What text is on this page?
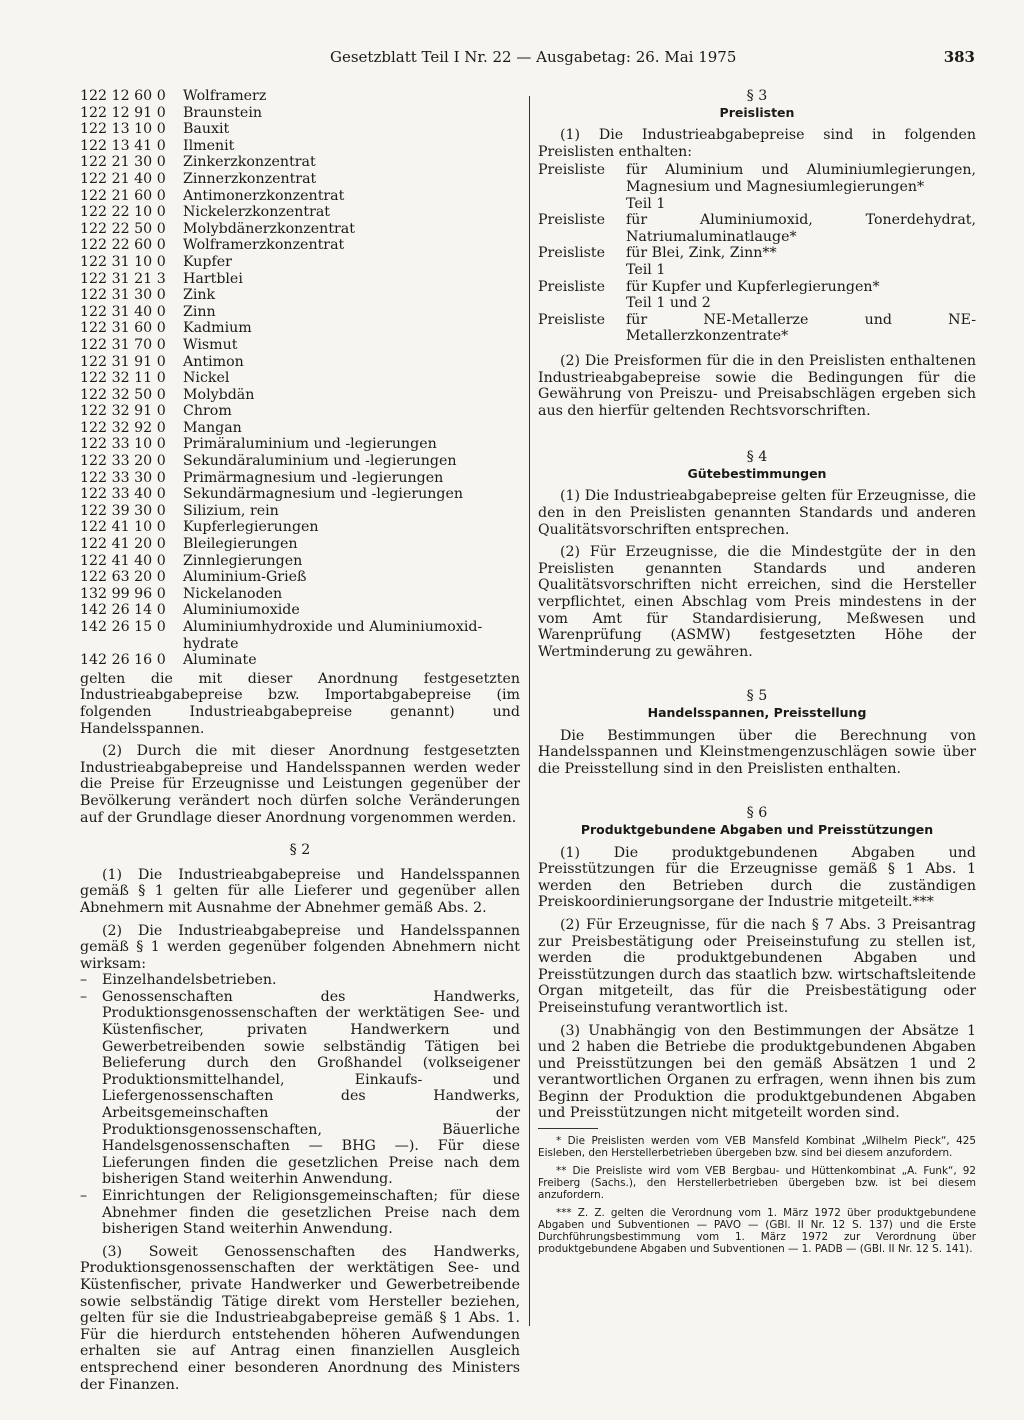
Gesetzblatt Teil I Nr. 22 — Ausgabetag: 26. Mai 1975	383
122 12 60 0	Wolframerz
122 12 91 0	Braunstein
122 13 10 0	Bauxit
122 13 41 0	Ilmenit
122 21 30 0	Zinkerzkonzentrat
122 21 40 0	Zinnerzkonzentrat
122 21 60 0	Antimonerzkonzentrat
122 22 10 0	Nickelerzkonzentrat
122 22 50 0	Molybdänerzkonzentrat
122 22 60 0	Wolframerzkonzentrat
122 31 10 0	Kupfer
122 31 21 3	Hartblei
122 31 30 0	Zink
122 31 40 0	Zinn
122 31 60 0	Kadmium
122 31 70 0	Wismut
122 31 91 0	Antimon
122 32 11 0	Nickel
122 32 50 0	Molybdän
122 32 91 0	Chrom
122 32 92 0	Mangan
122 33 10 0	Primäraluminium und -legierungen
122 33 20 0	Sekundäraluminium und -legierungen
122 33 30 0	Primärmagnesium und -legierungen
122 33 40 0	Sekundärmagnesium und -legierungen
122 39 30 0	Silizium, rein
122 41 10 0	Kupferlegierungen
122 41 20 0	Bleilegierungen
122 41 40 0	Zinnlegierungen
122 63 20 0	Aluminium-Grieß
132 99 96 0	Nickelanoden
142 26 14 0	Aluminiumoxide
142 26 15 0	Aluminiumhydroxide und Aluminiumoxid-hydrate
142 26 16 0	Aluminate

gelten die mit dieser Anordnung festgesetzten Industrieabgabepreise bzw. Importabgabepreise (im folgenden Industrieabgabepreise genannt) und Handelsspannen.

(2) Durch die mit dieser Anordnung festgesetzten Industrieabgabepreise und Handelsspannen werden weder die Preise für Erzeugnisse und Leistungen gegenüber der Bevölkerung verändert noch dürfen solche Veränderungen auf der Grundlage dieser Anordnung vorgenommen werden.

§ 2

(1) Die Industrieabgabepreise und Handelsspannen gemäß § 1 gelten für alle Lieferer und gegenüber allen Abnehmern mit Ausnahme der Abnehmer gemäß Abs. 2.

(2) Die Industrieabgabepreise und Handelsspannen gemäß § 1 werden gegenüber folgenden Abnehmern nicht wirksam:

–	Einzelhandelsbetrieben.
–	Genossenschaften des Handwerks, Produktionsgenossenschaften der werktätigen See- und Küstenfischer, privaten Handwerkern und Gewerbetreibenden sowie selbständig Tätigen bei Belieferung durch den Großhandel (volkseigener Produktionsmittelhandel, Einkaufs- und Liefergenossenschaften des Handwerks, Arbeitsgemeinschaften der Produktionsgenossenschaften, Bäuerliche Handelsgenossenschaften — BHG —). Für diese Lieferungen finden die gesetzlichen Preise nach dem bisherigen Stand weiterhin Anwendung.
–	Einrichtungen der Religionsgemeinschaften; für diese Abnehmer finden die gesetzlichen Preise nach dem bisherigen Stand weiterhin Anwendung.

(3) Soweit Genossenschaften des Handwerks, Produktionsgenossenschaften der werktätigen See- und Küstenfischer, private Handwerker und Gewerbetreibende sowie selbständig Tätige direkt vom Hersteller beziehen, gelten für sie die Industrieabgabepreise gemäß § 1 Abs. 1. Für die hierdurch entstehenden höheren Aufwendungen erhalten sie auf Antrag einen finanziellen Ausgleich entsprechend einer besonderen Anordnung des Ministers der Finanzen.

§ 3

Preislisten

(1) Die Industrieabgabepreise sind in folgenden Preislisten enthalten:

Preisliste	für Aluminium und Aluminiumlegierungen, Magnesium und Magnesiumlegierungen*
Teil 1
Preisliste	für Aluminiumoxid, Tonerdehydrat, Natriumaluminatlauge*
Preisliste	für Blei, Zink, Zinn**
Teil 1
Preisliste	für Kupfer und Kupferlegierungen*
Teil 1 und 2
Preisliste	für NE-Metallerze und NE-Metallerzkonzentrate*

(2) Die Preisformen für die in den Preislisten enthaltenen Industrieabgabepreise sowie die Bedingungen für die Gewährung von Preiszu- und Preisabschlägen ergeben sich aus den hierfür geltenden Rechtsvorschriften.

§ 4

Gütebestimmungen

(1) Die Industrieabgabepreise gelten für Erzeugnisse, die den in den Preislisten genannten Standards und anderen Qualitätsvorschriften entsprechen.

(2) Für Erzeugnisse, die die Mindestgüte der in den Preislisten genannten Standards und anderen Qualitätsvorschriften nicht erreichen, sind die Hersteller verpflichtet, einen Abschlag vom Preis mindestens in der vom Amt für Standardisierung, Meßwesen und Warenprüfung (ASMW) festgesetzten Höhe der Wertminderung zu gewähren.

§ 5

Handelsspannen, Preisstellung

Die Bestimmungen über die Berechnung von Handelsspannen und Kleinstmengenzuschlägen sowie über die Preisstellung sind in den Preislisten enthalten.

§ 6

Produktgebundene Abgaben und Preisstützungen

(1) Die produktgebundenen Abgaben und Preisstützungen für die Erzeugnisse gemäß § 1 Abs. 1 werden den Betrieben durch die zuständigen Preiskoordinierungsorgane der Industrie mitgeteilt.***

(2) Für Erzeugnisse, für die nach § 7 Abs. 3 Preisantrag zur Preisbestätigung oder Preiseinstufung zu stellen ist, werden die produktgebundenen Abgaben und Preisstützungen durch das staatlich bzw. wirtschaftsleitende Organ mitgeteilt, das für die Preisbestätigung oder Preiseinstufung verantwortlich ist.

(3) Unabhängig von den Bestimmungen der Absätze 1 und 2 haben die Betriebe die produktgebundenen Abgaben und Preisstützungen bei den gemäß Absätzen 1 und 2 verantwortlichen Organen zu erfragen, wenn ihnen bis zum Beginn der Produktion die produktgebundenen Abgaben und Preisstützungen nicht mitgeteilt worden sind.

* Die Preislisten werden vom VEB Mansfeld Kombinat „Wilhelm Pieck“, 425 Eisleben, den Herstellerbetrieben übergeben bzw. sind bei diesem anzufordern.

** Die Preisliste wird vom VEB Bergbau- und Hüttenkombinat „A. Funk“, 92 Freiberg (Sachs.), den Herstellerbetrieben übergeben bzw. ist bei diesem anzufordern.

*** Z. Z. gelten die Verordnung vom 1. März 1972 über produktgebundene Abgaben und Subventionen — PAVO — (GBl. II Nr. 12 S. 137) und die Erste Durchführungsbestimmung vom 1. März 1972 zur Verordnung über produktgebundene Abgaben und Subventionen — 1. PADB — (GBl. II Nr. 12 S. 141).
